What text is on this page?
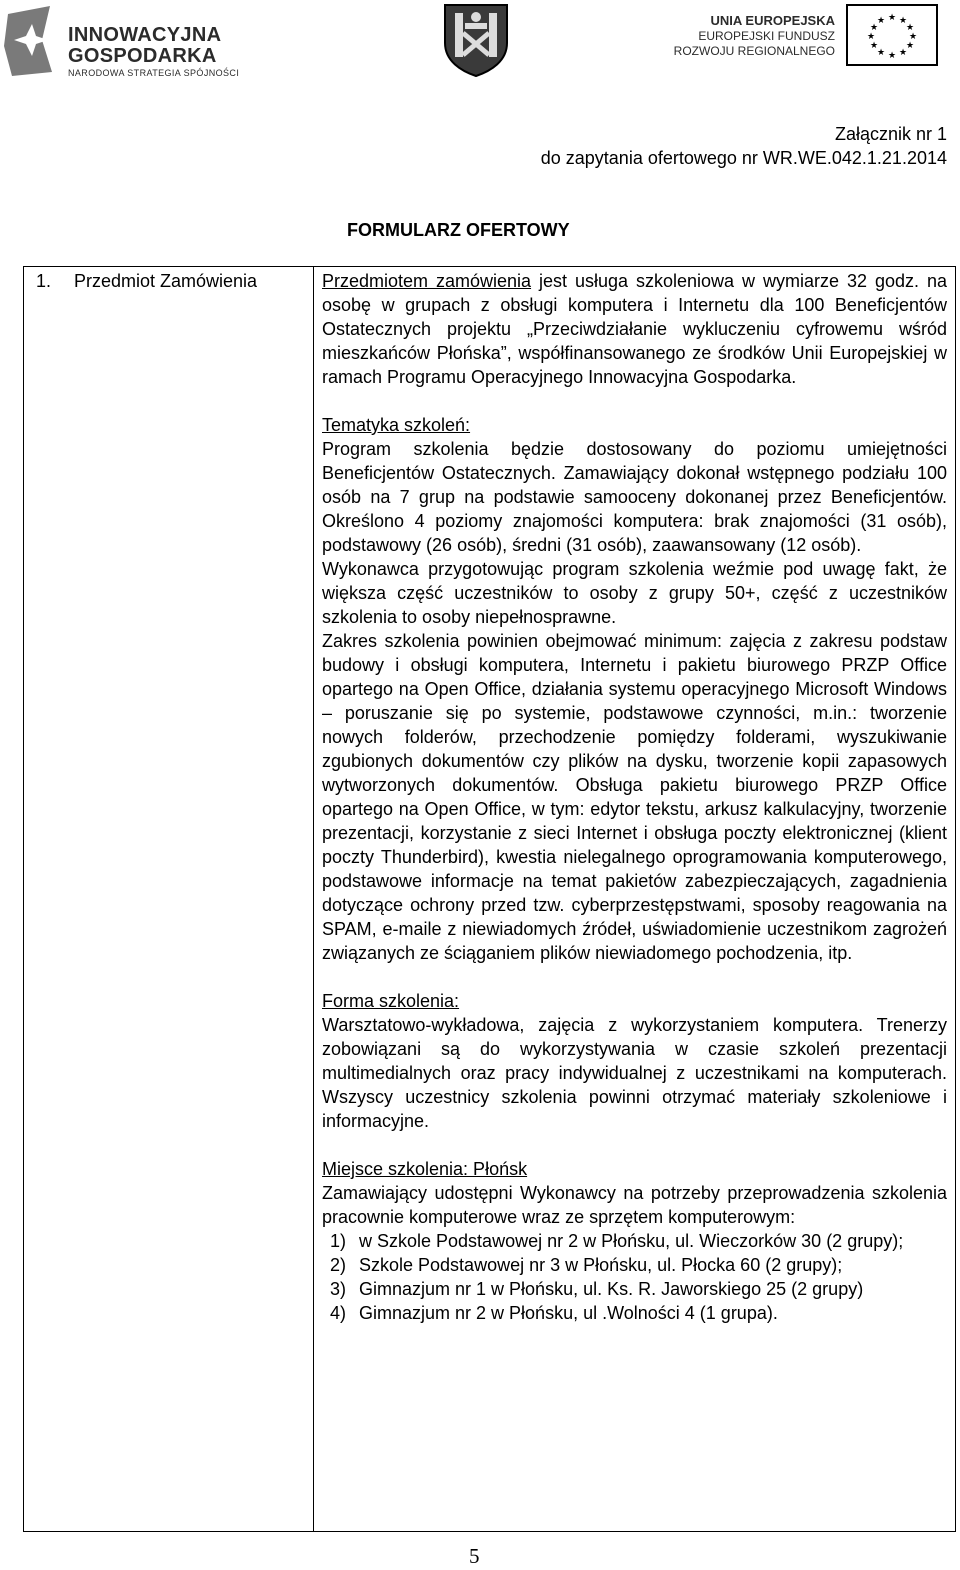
INNOWACYJNA
GOSPODARKA
NARODOWA STRATEGIA SPÓJNOŚCI
UNIA EUROPEJSKA
EUROPEJSKI FUNDUSZ
ROZWOJU REGIONALNEGO
★ ★
★
★
★
★
★
★
★
★
★
★
Załącznik nr 1
do zapytania ofertowego nr WR.WE.042.1.21.2014
FORMULARZ OFERTOWY
1. Przedmiot Zamówienia	Przedmiotem zamówienia jest usługa szkoleniowa w wymiarze 32 godz. na osobę w grupach z obsługi komputera i Internetu dla 100 Beneficjentów Ostatecznych projektu „Przeciwdziałanie wykluczeniu cyfrowemu wśród mieszkańców Płońska”, współfinansowanego ze środków Unii Europejskiej w ramach Programu Operacyjnego Innowacyjna Gospodarka.

Tematyka szkoleń:

Program szkolenia będzie dostosowany do poziomu umiejętności Beneficjentów Ostatecznych. Zamawiający dokonał wstępnego podziału 100 osób na 7 grup na podstawie samooceny dokonanej przez Beneficjentów. Określono 4 poziomy znajomości komputera: brak znajomości (31 osób), podstawowy (26 osób), średni (31 osób), zaawansowany (12 osób).

Wykonawca przygotowując program szkolenia weźmie pod uwagę fakt, że większa część uczestników to osoby z grupy 50+, część z uczestników szkolenia to osoby niepełnosprawne.

Zakres szkolenia powinien obejmować minimum: zajęcia z zakresu podstaw budowy i obsługi komputera, Internetu i pakietu biurowego PRZP Office opartego na Open Office, działania systemu operacyjnego Microsoft Windows – poruszanie się po systemie, podstawowe czynności, m.in.: tworzenie nowych folderów, przechodzenie pomiędzy folderami, wyszukiwanie zgubionych dokumentów czy plików na dysku, tworzenie kopii zapasowych wytworzonych dokumentów. Obsługa pakietu biurowego PRZP Office opartego na Open Office, w tym: edytor tekstu, arkusz kalkulacyjny, tworzenie prezentacji, korzystanie z sieci Internet i obsługa poczty elektronicznej (klient poczty Thunderbird), kwestia nielegalnego oprogramowania komputerowego, podstawowe informacje na temat pakietów zabezpieczających, zagadnienia dotyczące ochrony przed tzw. cyberprzestępstwami, sposoby reagowania na SPAM, e-maile z niewiadomych źródeł, uświadomienie uczestnikom zagrożeń związanych ze ściąganiem plików niewiadomego pochodzenia, itp.

Forma szkolenia:

Warsztatowo-wykładowa, zajęcia z wykorzystaniem komputera. Trenerzy zobowiązani są do wykorzystywania w czasie szkoleń prezentacji multimedialnych oraz pracy indywidualnej z uczestnikami na komputerach. Wszyscy uczestnicy szkolenia powinni otrzymać materiały szkoleniowe i informacyjne.

Miejsce szkolenia: Płońsk

Zamawiający udostępni Wykonawcy na potrzeby przeprowadzenia szkolenia pracownie komputerowe wraz ze sprzętem komputerowym:

1) w Szkole Podstawowej nr 2 w Płońsku, ul. Wieczorków 30 (2 grupy);
2) Szkole Podstawowej nr 3 w Płońsku, ul. Płocka 60 (2 grupy);
3) Gimnazjum nr 1 w Płońsku, ul. Ks. R. Jaworskiego 25 (2 grupy)
4) Gimnazjum nr 2 w Płońsku, ul .Wolności 4 (1 grupa).
5
